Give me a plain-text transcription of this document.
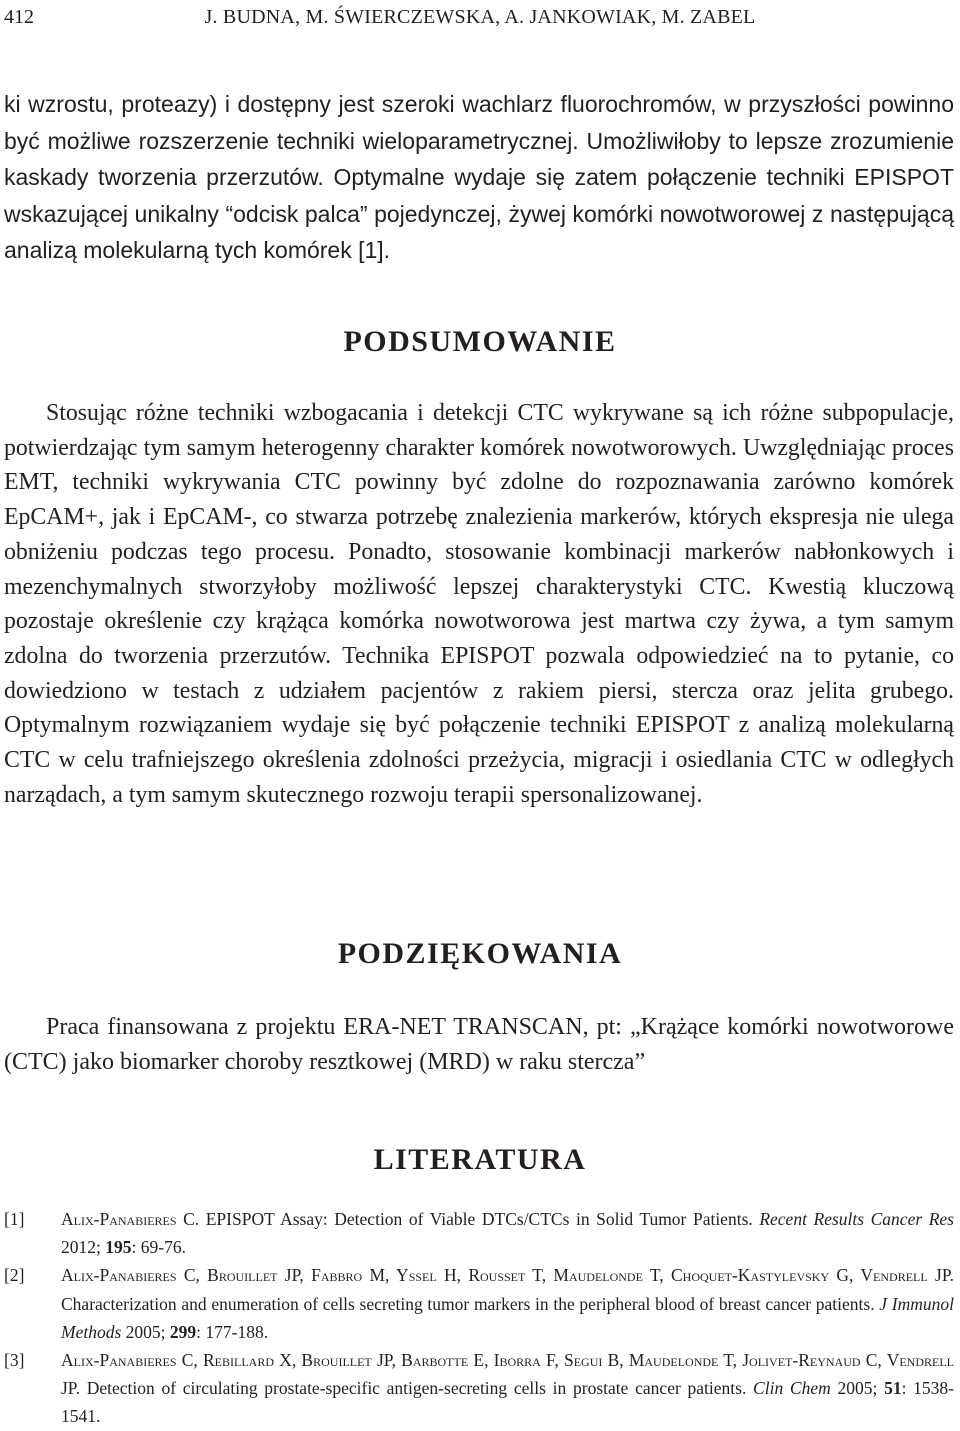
412	J. BUDNA, M. ŚWIERCZEWSKA, A. JANKOWIAK, M. ZABEL
ki wzrostu, proteazy) i dostępny jest szeroki wachlarz fluorochromów, w przyszłości powinno być możliwe rozszerzenie techniki wieloparametrycznej. Umożliwiłoby to lepsze zrozumienie kaskady tworzenia przerzutów. Optymalne wydaje się zatem połączenie techniki EPISPOT wskazującej unikalny “odcisk palca” pojedynczej, żywej komórki nowotworowej z następującą analizą molekularną tych komórek [1].
PODSUMOWANIE

Stosując różne techniki wzbogacania i detekcji CTC wykrywane są ich różne subpopulacje, potwierdzając tym samym heterogenny charakter komórek nowotworowych. Uwzględniając proces EMT, techniki wykrywania CTC powinny być zdolne do rozpoznawania zarówno komórek EpCAM+, jak i EpCAM-, co stwarza potrzebę znalezienia markerów, których ekspresja nie ulega obniżeniu podczas tego procesu. Ponadto, stosowanie kombinacji markerów nabłonkowych i mezenchymalnych stworzyłoby możliwość lepszej charakterystyki CTC. Kwestią kluczową pozostaje określenie czy krążąca komórka nowotworowa jest martwa czy żywa, a tym samym zdolna do tworzenia przerzutów. Technika EPISPOT pozwala odpowiedzieć na to pytanie, co dowiedziono w testach z udziałem pacjentów z rakiem piersi, stercza oraz jelita grubego. Optymalnym rozwiązaniem wydaje się być połączenie techniki EPISPOT z analizą molekularną CTC w celu trafniejszego określenia zdolności przeżycia, migracji i osiedlania CTC w odległych narządach, a tym samym skutecznego rozwoju terapii spersonalizowanej.

PODZIĘKOWANIA

Praca finansowana z projektu ERA-NET TRANSCAN, pt: „Krążące komórki nowotworowe (CTC) jako biomarker choroby resztkowej (MRD) w raku stercza”

LITERATURA
[1] Alix-Panabieres C. EPISPOT Assay: Detection of Viable DTCs/CTCs in Solid Tumor Patients. Recent Results Cancer Res 2012; 195: 69-76.
[2] Alix-Panabieres C, Brouillet JP, Fabbro M, Yssel H, Rousset T, Maudelonde T, Choquet-Kastylevsky G, Vendrell JP. Characterization and enumeration of cells secreting tumor markers in the peripheral blood of breast cancer patients. J Immunol Methods 2005; 299: 177-188.
[3] Alix-Panabieres C, Rebillard X, Brouillet JP, Barbotte E, Iborra F, Segui B, Maudelonde T, Jolivet-Reynaud C, Vendrell JP. Detection of circulating prostate-specific antigen-secreting cells in prostate cancer patients. Clin Chem 2005; 51: 1538-1541.
